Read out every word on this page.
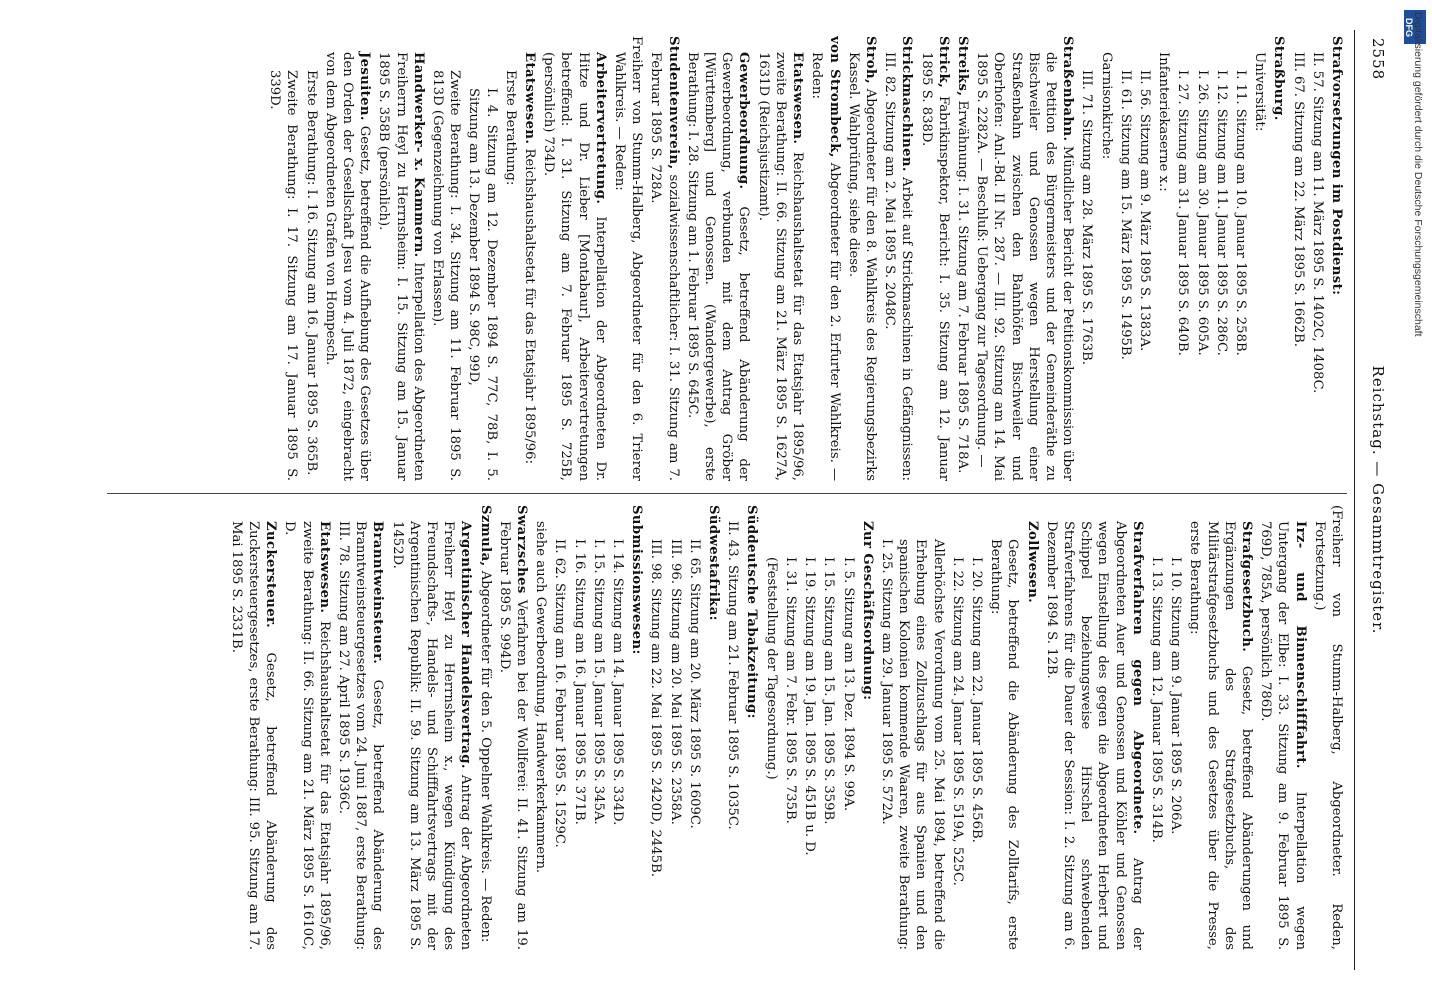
2558
Reichstag. — Gesammtregister.

Strafvorsetzungen im Postdienst:

II. 57. Sitzung am 11. März 1895 S. 1402C, 1408C.

III. 67. Sitzung am 22. März 1895 S. 1662B.

Straßburg.

Universität:

I. 11. Sitzung am 10. Januar 1895 S. 258B.

I. 12. Sitzung am 11. Januar 1895 S. 286C.

I. 26. Sitzung am 30. Januar 1895 S. 605A.

I. 27. Sitzung am 31. Januar 1895 S. 640B.

Infanteriekaserne x.:

II. 56. Sitzung am 9. März 1895 S. 1383A.

II. 61. Sitzung am 15. März 1895 S. 1495B.

Garnisonkirche:

III. 71. Sitzung am 28. März 1895 S. 1763B.

Straßenbahn. Mündlicher Bericht der Petitionskommission über die Petition des Bürgermeisters und der Gemeinderäthe zu Bischweiler und Genossen wegen Herstellung einer Straßenbahn zwischen den Bahnhöfen Bischweiler und Oberhofen: Anl.-Bd. II Nr. 287. — III. 92. Sitzung am 14. Mai 1895 S. 2282A. — Beschluß: Uebergang zur Tagesordnung. —

Streiks, Erwähnung: I. 31. Sitzung am 7. Februar 1895 S. 718A.

Strick, Fabrikinspektor, Bericht: I. 35. Sitzung am 12. Januar 1895 S. 838D.

Strickmaschinen. Arbeit auf Strickmaschinen in Gefängnissen: III. 82. Sitzung am 2. Mai 1895 S. 2048C.

Stroh, Abgeordneter für den 8. Wahlkreis des Regierungsbezirks Kassel. Wahlprüfung, siehe diese.

von Strombeck, Abgeordneter für den 2. Erfurter Wahlkreis. — Reden:

Etatswesen. Reichshaushaltsetat für das Etatsjahr 1895/96, zweite Berathung: II. 66. Sitzung am 21. März 1895 S. 1627A, 1631D (Reichsjustizamt).

Gewerbeordnung. Gesetz, betreffend Abänderung der Gewerbeordnung, verbunden mit dem Antrag Gröber [Württemberg] und Genossen. (Wandergewerbe), erste Berathung: I. 28. Sitzung am 1. Februar 1895 S. 645C.

Studentenverein, sozialwissenschaftlicher: I. 31. Sitzung am 7. Februar 1895 S. 728A.

Freiherr von Stumm-Halberg, Abgeordneter für den 6. Trierer Wahlkreis. — Reden:

Arbeitervertretung. Interpellation der Abgeordneten Dr. Hitze und Dr. Lieber [Montabaur], Arbeitervertretungen betreffend: I. 31. Sitzung am 7. Februar 1895 S. 725B, (persönlich) 734D.

Etatswesen. Reichshaushaltsetat für das Etatsjahr 1895/96:

Erste Berathung:

I. 4. Sitzung am 12. Dezember 1894 S. 77C, 78B, I. 5. Sitzung am 13. Dezember 1894 S. 98C, 99D,

Zweite Berathung: I. 34. Sitzung am 11. Februar 1895 S. 813D (Gegenzeichnung von Erlassen).

Handwerker- x. Kammern. Interpellation des Abgeordneten Freiherrn Heyl zu Herrnsheim: I. 15. Sitzung am 15. Januar 1895 S. 358B (persönlich).

Jesuiten. Gesetz, betreffend die Aufhebung des Gesetzes über den Orden der Gesellschaft Jesu vom 4. Juli 1872, eingebracht von dem Abgeordneten Grafen von Hompesch.

Erste Berathung: I. 16. Sitzung am 16. Januar 1895 S. 365B.

Zweite Berathung: I. 17. Sitzung am 17. Januar 1895 S. 339D.

(Freiherr von Stumm-Halberg, Abgeordneter. Reden, Fortsetzung.)

Irz- und Binnenschifffahrt. Interpellation wegen Untergang der Elbe: I. 33. Sitzung am 9. Februar 1895 S. 769D, 785A, persönlich 786D.

Strafgesetzbuch. Gesetz, betreffend Abänderungen und Ergänzungen des Strafgesetzbuchs, des Militärstrafgesetzbuchs und des Gesetzes über die Presse, erste Berathung:

I. 10. Sitzung am 9. Januar 1895 S. 206A.

I. 13. Sitzung am 12. Januar 1895 S. 314B.

Strafverfahren gegen Abgeordnete. Antrag der Abgeordneten Auer und Genossen und Köhler und Genossen wegen Einstellung des gegen die Abgeordneten Herbert und Schippel beziehungsweise Hirschel schwebenden Strafverfahrens für die Dauer der Session: I. 2. Sitzung am 6. Dezember 1894 S. 12B.

Zollwesen.

Gesetz, betreffend die Abänderung des Zolltarifs, erste Berathung:

I. 20. Sitzung am 22. Januar 1895 S. 456B.

I. 22. Sitzung am 24. Januar 1895 S. 519A, 525C.

Allerhöchste Verordnung vom 25. Mai 1894, betreffend die Erhebung eines Zollzuschlags für aus Spanien und den spanischen Kolonien kommende Waaren, zweite Berathung: I. 25. Sitzung am 29. Januar 1895 S. 572A.

Zur Geschäftsordnung:

I. 5. Sitzung am 13. Dez. 1894 S. 99A.

I. 15. Sitzung am 15. Jan. 1895 S. 359B.

I. 19. Sitzung am 19. Jan. 1895 S. 451B u. D.

I. 31. Sitzung am 7. Febr. 1895 S. 735B.

(Feststellung der Tagesordnung.)

Süddeutsche Tabakzeitung:

II. 43. Sitzung am 21. Februar 1895 S. 1035C.

Südwestafrika:

II. 65. Sitzung am 20. März 1895 S. 1609C.

III. 96. Sitzung am 20. Mai 1895 S. 2358A.

III. 98. Sitzung am 22. Mai 1895 S. 2420D, 2445B.

Submissionswesen:

I. 14. Sitzung am 14. Januar 1895 S. 334D.

I. 15. Sitzung am 15. Januar 1895 S. 345A.

I. 16. Sitzung am 16. Januar 1895 S. 371B.

II. 62. Sitzung am 16. Februar 1895 S. 1529C.

siehe auch Gewerbeordnung, Handwerkerkammern.

Swarzsches Verfahren bei der Wollferei: II. 41. Sitzung am 19. Februar 1895 S. 994D.

Szmula, Abgeordneter für den 5. Oppelner Wahlkreis. — Reden:

Argentinischer Handelsvertrag. Antrag der Abgeordneten Freiherr Heyl zu Herrnsheim x., wegen Kündigung des Freundschafts-, Handels- und Schifffahrtsvertrags mit der Argentinischen Republik: II. 59. Sitzung am 13. März 1895 S. 1452D.

Branntweinsteuer. Gesetz, betreffend Abänderung des Branntweinsteuergesetzes vom 24. Juni 1887, erste Berathung: III. 78. Sitzung am 27. April 1895 S. 1936C.

Etatswesen. Reichshaushaltsetat für das Etatsjahr 1895/96, zweite Berathung: II. 66. Sitzung am 21. März 1895 S. 1610C, D.

Zuckersteuer. Gesetz, betreffend Abänderung des Zuckersteuergesetzes, erste Berathung: III. 95. Sitzung am 17. Mai 1895 S. 2331B.

DFG
Digitalisierung gefördert durch die Deutsche Forschungsgemeinschaft
